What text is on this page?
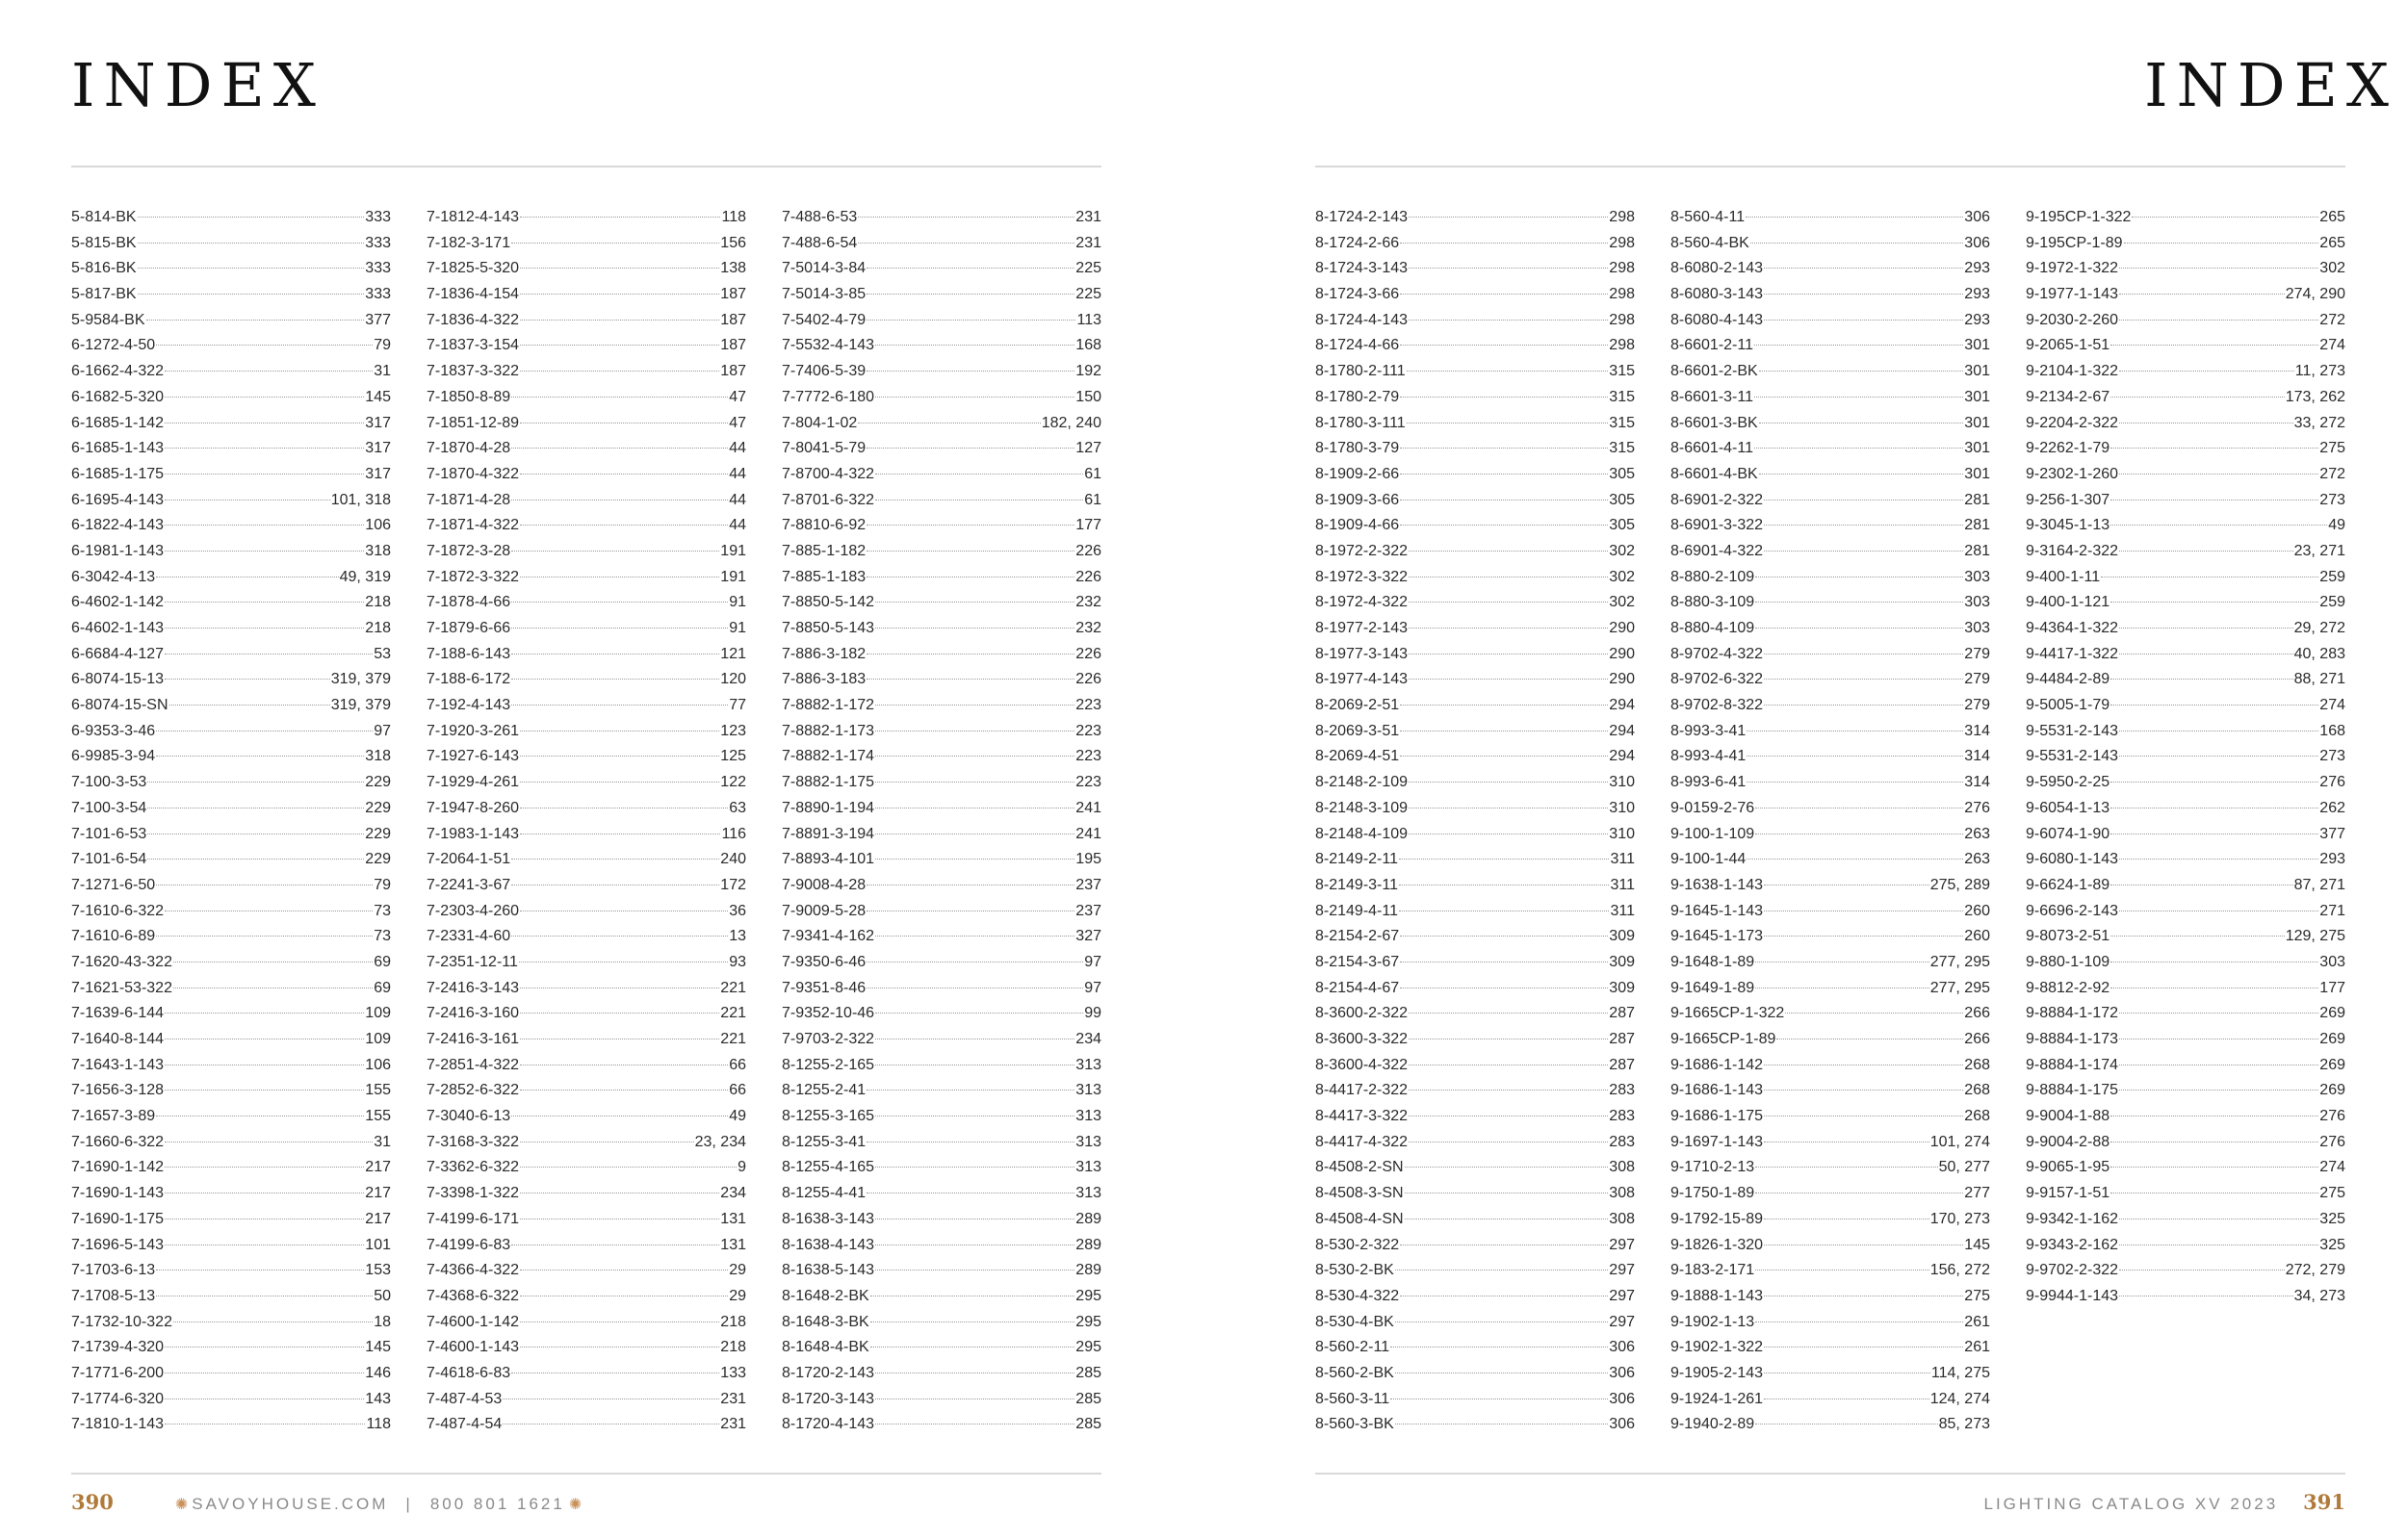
INDEX
5-814-BK	333
5-815-BK	333
5-816-BK	333
5-817-BK	333
5-9584-BK	377
6-1272-4-50	79
6-1662-4-322	31
6-1682-5-320	145
6-1685-1-142	317
6-1685-1-143	317
6-1685-1-175	317
6-1695-4-143	101, 318
6-1822-4-143	106
6-1981-1-143	318
6-3042-4-13	49, 319
6-4602-1-142	218
6-4602-1-143	218
6-6684-4-127	53
6-8074-15-13	319, 379
6-8074-15-SN	319, 379
6-9353-3-46	97
6-9985-3-94	318
7-100-3-53	229
7-100-3-54	229
7-101-6-53	229
7-101-6-54	229
7-1271-6-50	79
7-1610-6-322	73
7-1610-6-89	73
7-1620-43-322	69
7-1621-53-322	69
7-1639-6-144	109
7-1640-8-144	109
7-1643-1-143	106
7-1656-3-128	155
7-1657-3-89	155
7-1660-6-322	31
7-1690-1-142	217
7-1690-1-143	217
7-1690-1-175	217
7-1696-5-143	101
7-1703-6-13	153
7-1708-5-13	50
7-1732-10-322	18
7-1739-4-320	145
7-1771-6-200	146
7-1774-6-320	143
7-1810-1-143	118
7-1812-4-143	118
7-182-3-171	156
7-1825-5-320	138
7-1836-4-154	187
7-1836-4-322	187
7-1837-3-154	187
7-1837-3-322	187
7-1850-8-89	47
7-1851-12-89	47
7-1870-4-28	44
7-1870-4-322	44
7-1871-4-28	44
7-1871-4-322	44
7-1872-3-28	191
7-1872-3-322	191
7-1878-4-66	91
7-1879-6-66	91
7-188-6-143	121
7-188-6-172	120
7-192-4-143	77
7-1920-3-261	123
7-1927-6-143	125
7-1929-4-261	122
7-1947-8-260	63
7-1983-1-143	116
7-2064-1-51	240
7-2241-3-67	172
7-2303-4-260	36
7-2331-4-60	13
7-2351-12-11	93
7-2416-3-143	221
7-2416-3-160	221
7-2416-3-161	221
7-2851-4-322	66
7-2852-6-322	66
7-3040-6-13	49
7-3168-3-322	23, 234
7-3362-6-322	9
7-3398-1-322	234
7-4199-6-171	131
7-4199-6-83	131
7-4366-4-322	29
7-4368-6-322	29
7-4600-1-142	218
7-4600-1-143	218
7-4618-6-83	133
7-487-4-53	231
7-487-4-54	231
7-488-6-53	231
7-488-6-54	231
7-5014-3-84	225
7-5014-3-85	225
7-5402-4-79	113
7-5532-4-143	168
7-7406-5-39	192
7-7772-6-180	150
7-804-1-02	182, 240
7-8041-5-79	127
7-8700-4-322	61
7-8701-6-322	61
7-8810-6-92	177
7-885-1-182	226
7-885-1-183	226
7-8850-5-142	232
7-8850-5-143	232
7-886-3-182	226
7-886-3-183	226
7-8882-1-172	223
7-8882-1-173	223
7-8882-1-174	223
7-8882-1-175	223
7-8890-1-194	241
7-8891-3-194	241
7-8893-4-101	195
7-9008-4-28	237
7-9009-5-28	237
7-9341-4-162	327
7-9350-6-46	97
7-9351-8-46	97
7-9352-10-46	99
7-9703-2-322	234
8-1255-2-165	313
8-1255-2-41	313
8-1255-3-165	313
8-1255-3-41	313
8-1255-4-165	313
8-1255-4-41	313
8-1638-3-143	289
8-1638-4-143	289
8-1638-5-143	289
8-1648-2-BK	295
8-1648-3-BK	295
8-1648-4-BK	295
8-1720-2-143	285
8-1720-3-143	285
8-1720-4-143	285
390	✺ SAVOYHOUSE.COM | 800 801 1621 ✺
INDEX
8-1724-2-143	298
8-1724-2-66	298
8-1724-3-143	298
8-1724-3-66	298
8-1724-4-143	298
8-1724-4-66	298
8-1780-2-111	315
8-1780-2-79	315
8-1780-3-111	315
8-1780-3-79	315
8-1909-2-66	305
8-1909-3-66	305
8-1909-4-66	305
8-1972-2-322	302
8-1972-3-322	302
8-1972-4-322	302
8-1977-2-143	290
8-1977-3-143	290
8-1977-4-143	290
8-2069-2-51	294
8-2069-3-51	294
8-2069-4-51	294
8-2148-2-109	310
8-2148-3-109	310
8-2148-4-109	310
8-2149-2-11	311
8-2149-3-11	311
8-2149-4-11	311
8-2154-2-67	309
8-2154-3-67	309
8-2154-4-67	309
8-3600-2-322	287
8-3600-3-322	287
8-3600-4-322	287
8-4417-2-322	283
8-4417-3-322	283
8-4417-4-322	283
8-4508-2-SN	308
8-4508-3-SN	308
8-4508-4-SN	308
8-530-2-322	297
8-530-2-BK	297
8-530-4-322	297
8-530-4-BK	297
8-560-2-11	306
8-560-2-BK	306
8-560-3-11	306
8-560-3-BK	306
8-560-4-11	306
8-560-4-BK	306
8-6080-2-143	293
8-6080-3-143	293
8-6080-4-143	293
8-6601-2-11	301
8-6601-2-BK	301
8-6601-3-11	301
8-6601-3-BK	301
8-6601-4-11	301
8-6601-4-BK	301
8-6901-2-322	281
8-6901-3-322	281
8-6901-4-322	281
8-880-2-109	303
8-880-3-109	303
8-880-4-109	303
8-9702-4-322	279
8-9702-6-322	279
8-9702-8-322	279
8-993-3-41	314
8-993-4-41	314
8-993-6-41	314
9-0159-2-76	276
9-100-1-109	263
9-100-1-44	263
9-1638-1-143	275, 289
9-1645-1-143	260
9-1645-1-173	260
9-1648-1-89	277, 295
9-1649-1-89	277, 295
9-1665CP-1-322	266
9-1665CP-1-89	266
9-1686-1-142	268
9-1686-1-143	268
9-1686-1-175	268
9-1697-1-143	101, 274
9-1710-2-13	50, 277
9-1750-1-89	277
9-1792-15-89	170, 273
9-1826-1-320	145
9-183-2-171	156, 272
9-1888-1-143	275
9-1902-1-13	261
9-1902-1-322	261
9-1905-2-143	114, 275
9-1924-1-261	124, 274
9-1940-2-89	85, 273
9-195CP-1-322	265
9-195CP-1-89	265
9-1972-1-322	302
9-1977-1-143	274, 290
9-2030-2-260	272
9-2065-1-51	274
9-2104-1-322	11, 273
9-2134-2-67	173, 262
9-2204-2-322	33, 272
9-2262-1-79	275
9-2302-1-260	272
9-256-1-307	273
9-3045-1-13	49
9-3164-2-322	23, 271
9-400-1-11	259
9-400-1-121	259
9-4364-1-322	29, 272
9-4417-1-322	40, 283
9-4484-2-89	88, 271
9-5005-1-79	274
9-5531-2-143	168
9-5531-2-143	273
9-5950-2-25	276
9-6054-1-13	262
9-6074-1-90	377
9-6080-1-143	293
9-6624-1-89	87, 271
9-6696-2-143	271
9-8073-2-51	129, 275
9-880-1-109	303
9-8812-2-92	177
9-8884-1-172	269
9-8884-1-173	269
9-8884-1-174	269
9-8884-1-175	269
9-9004-1-88	276
9-9004-2-88	276
9-9065-1-95	274
9-9157-1-51	275
9-9342-1-162	325
9-9343-2-162	325
9-9702-2-322	272, 279
9-9944-1-143	34, 273
LIGHTING CATALOG XV 2023 391
